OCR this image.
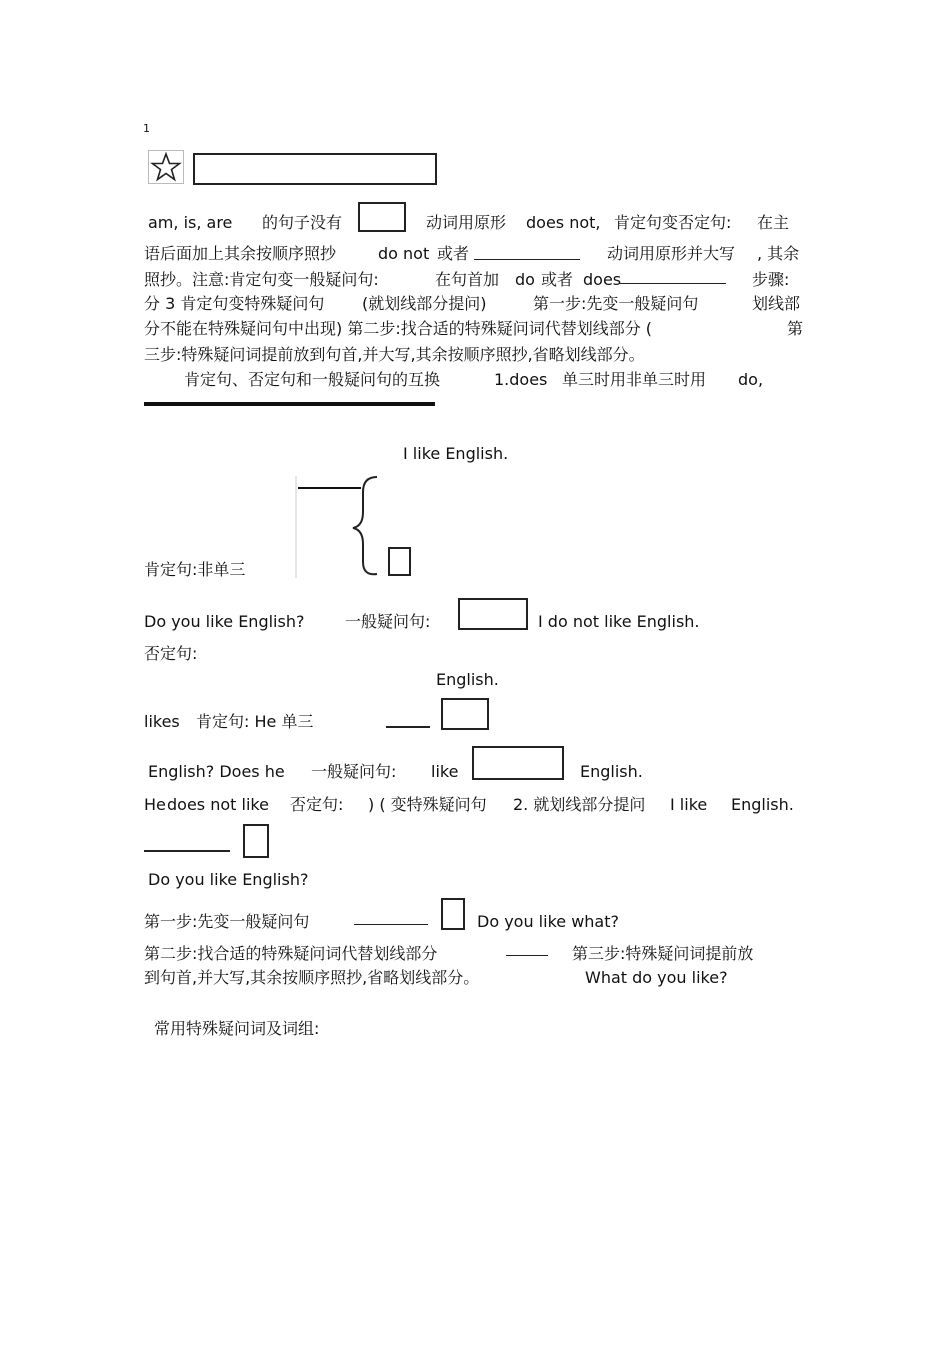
1
am, is, are 的句子没有	动词用原形 does not, 肯定句变否定句: 在主
语后面加上其余按顺序照抄	do not 或者	动词用原形并大写 , 其余
照抄。注意:肯定句变一般疑问句:	在句首加 do 或者 does	步骤:
分 3 肯定句变特殊疑问句 (就划线部分提问)	第一步:先变一般疑问句	划线部
分不能在特殊疑问句中出现) 第二步:找合适的特殊疑问词代替划线部分 (	第
三步:特殊疑问词提前放到句首,并大写,其余按顺序照抄,省略划线部分。
肯定句、否定句和一般疑问句的互换	1.does 单三时用非单三时用 do,
I like English.
肯定句:非单三
Do you like English?	一般疑问句:	I do not like English.
否定句:
English.
likes 肯定句: He 单三
English? Does he 一般疑问句: like	English.
He does not like 否定句: ) ( 变特殊疑问句 2. 就划线部分提问 I like English.
Do you like English?
第一步:先变一般疑问句	Do you like what?
第二步:找合适的特殊疑问词代替划线部分	第三步:特殊疑问词提前放
到句首,并大写,其余按顺序照抄,省略划线部分。	What do you like?
常用特殊疑问词及词组:
